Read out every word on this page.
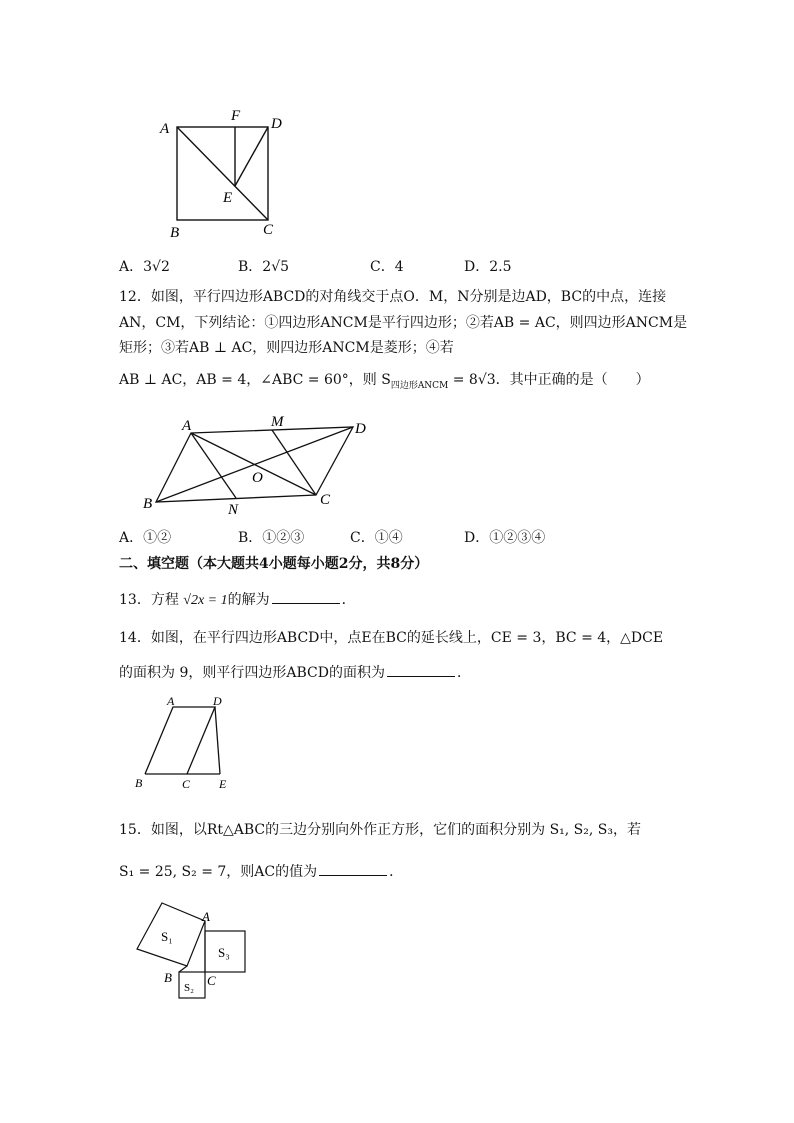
A
F D
E
B	C
A．3√2	B．2√5	C．4	D．2.5
12．如图，平行四边形ABCD的对角线交于点O．M，N分别是边AD，BC的中点，连接
AN，CM，下列结论：①四边形ANCM是平行四边形；②若AB = AC，则四边形ANCM是
矩形；③若AB ⊥ AC，则四边形ANCM是菱形；④若
AB ⊥ AC，AB = 4，∠ABC = 60°，则 $S_{四边形ANCM} = 8√3$．其中正确的是（　　）
A	M	D
O
B	N
C
A．①②	B．①②③	C．①④	D．①②③④
二、填空题（本大题共4小题每小题2分，共8分）
13．方程 √2x = 1的解为	．
14．如图，在平行四边形ABCD中，点E在BC的延长线上，CE = 3，BC = 4，△DCE
的面积为 9，则平行四边形ABCD的面积为	．
A	D
B	C E
15．如图，以Rt△ABC的三边分别向外作正方形，它们的面积分别为 S₁, S₂, S₃，若
S₁ = 25, S₂ = 7，则AC的值为	．
S₁
S₃
S₂
A
B	C
